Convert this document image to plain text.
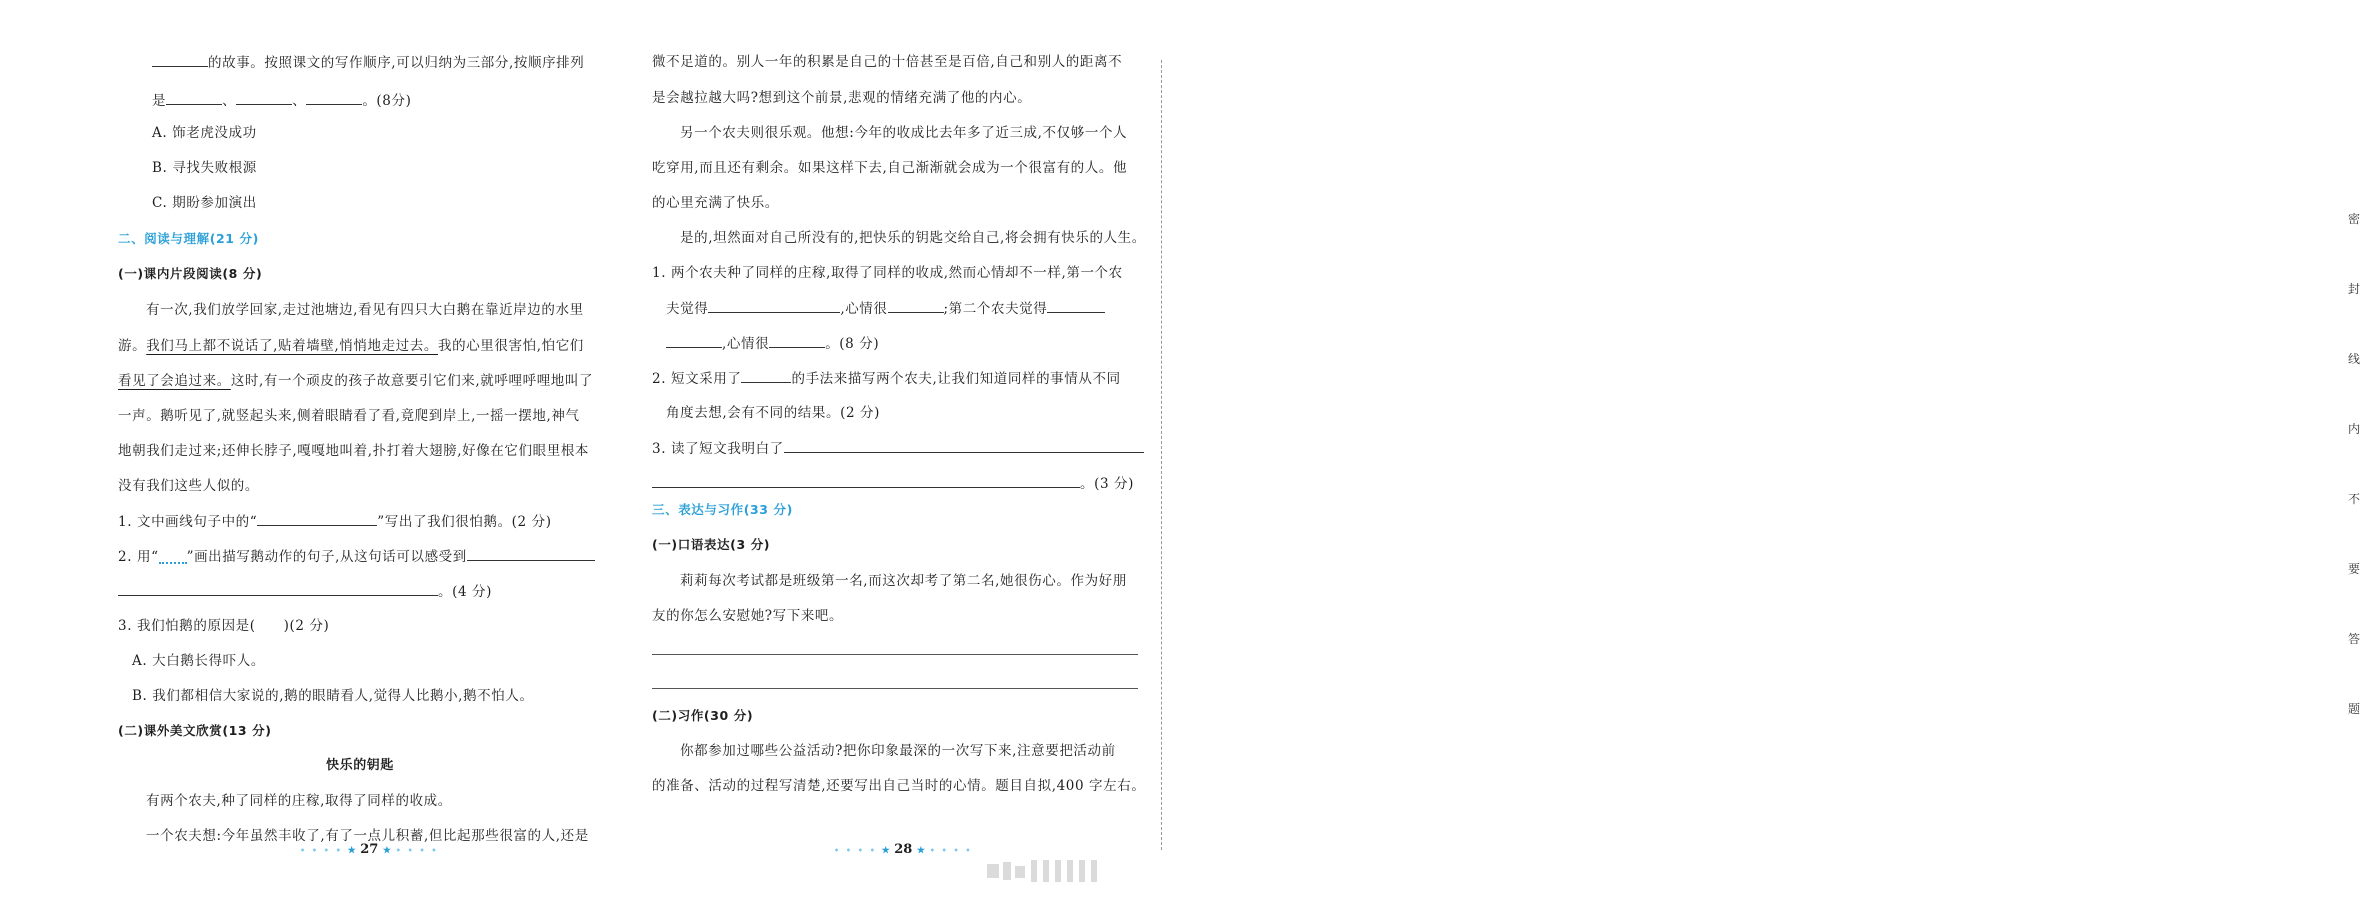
的故事。按照课文的写作顺序,可以归纳为三部分,按顺序排列
是	、	、	。(8分)
A. 饰老虎没成功
B. 寻找失败根源
C. 期盼参加演出
二、阅读与理解(21 分)
(一)课内片段阅读(8 分)
有一次,我们放学回家,走过池塘边,看见有四只大白鹅在靠近岸边的水里
游。我们马上都不说话了,贴着墙壁,悄悄地走过去。我的心里很害怕,怕它们
看见了会追过来。这时,有一个顽皮的孩子故意要引它们来,就呼哩呼哩地叫了
一声。鹅听见了,就竖起头来,侧着眼睛看了看,竟爬到岸上,一摇一摆地,神气
地朝我们走过来;还伸长脖子,嘎嘎地叫着,扑打着大翅膀,好像在它们眼里根本
没有我们这些人似的。
1. 文中画线句子中的“	”写出了我们很怕鹅。(2 分)
2. 用“ ”画出描写鹅动作的句子,从这句话可以感受到
。(4 分)
3. 我们怕鹅的原因是( )(2 分)
A. 大白鹅长得吓人。
B. 我们都相信大家说的,鹅的眼睛看人,觉得人比鹅小,鹅不怕人。
(二)课外美文欣赏(13 分)
快乐的钥匙
有两个农夫,种了同样的庄稼,取得了同样的收成。
一个农夫想:今年虽然丰收了,有了一点儿积蓄,但比起那些很富的人,还是
• • • • ★ 27 ★ • • • •
微不足道的。别人一年的积累是自己的十倍甚至是百倍,自己和别人的距离不
是会越拉越大吗?想到这个前景,悲观的情绪充满了他的内心。
另一个农夫则很乐观。他想:今年的收成比去年多了近三成,不仅够一个人
吃穿用,而且还有剩余。如果这样下去,自己渐渐就会成为一个很富有的人。他
的心里充满了快乐。
是的,坦然面对自己所没有的,把快乐的钥匙交给自己,将会拥有快乐的人生。
1. 两个农夫种了同样的庄稼,取得了同样的收成,然而心情却不一样,第一个农
夫觉得	,心情很	;第二个农夫觉得
,心情很	。(8 分)
2. 短文采用了	的手法来描写两个农夫,让我们知道同样的事情从不同
角度去想,会有不同的结果。(2 分)
3. 读了短文我明白了
。(3 分)
三、表达与习作(33 分)
(一)口语表达(3 分)
莉莉每次考试都是班级第一名,而这次却考了第二名,她很伤心。作为好朋
友的你怎么安慰她?写下来吧。
(二)习作(30 分)
你都参加过哪些公益活动?把你印象最深的一次写下来,注意要把活动前
的准备、活动的过程写清楚,还要写出自己当时的心情。题目自拟,400 字左右。
• • • • ★ 28 ★ • • • •
密
封
线
内
不
要
答
题
